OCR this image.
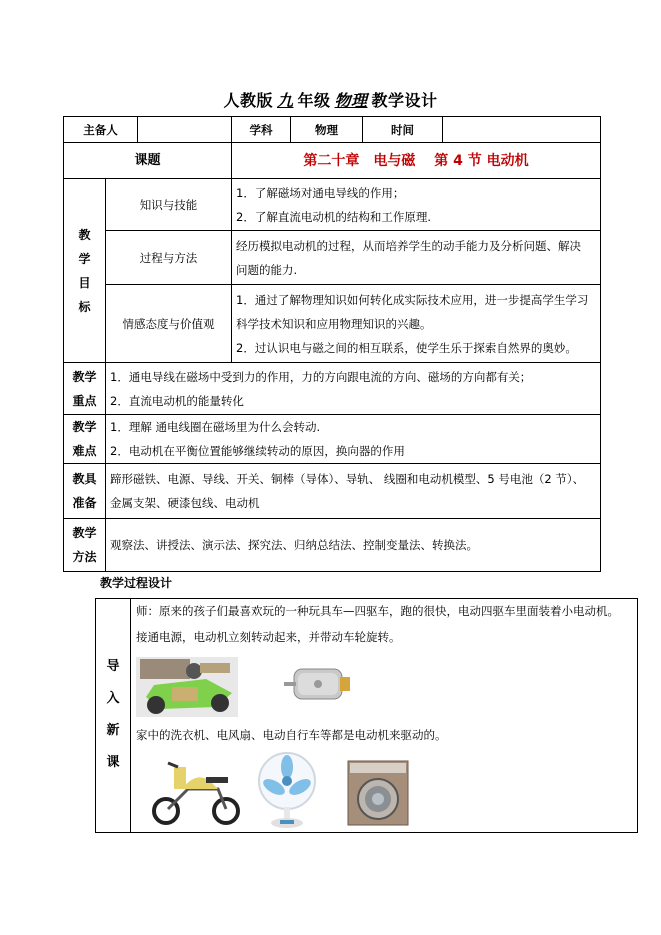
人教版 九 年级 物理 教学设计
主备人			学科	物理	时间	
课题			第二十章　电与磁　 第 4 节 电动机			

教
学
目
标	知识与技能		1．了解磁场对通电导线的作用；
2．了解直流电动机的结构和工作原理.			

	过程与方法		经历模拟电动机的过程，从而培养学生的动手能力及分析问题、解决
问题的能力.			

	情感态度与价值观		1．通过了解物理知识如何转化成实际技术应用，进一步提高学生学习
科学技术知识和应用物理知识的兴趣。
2．过认识电与磁之间的相互联系，使学生乐于探索自然界的奥妙。			

教学
重点	1．通电导线在磁场中受到力的作用，力的方向跟电流的方向、磁场的方向都有关；
2．直流电动机的能量转化					

教学
难点	1．理解 通电线圈在磁场里为什么会转动.
2．电动机在平衡位置能够继续转动的原因，换向器的作用					

教具
准备	蹄形磁铁、电源、导线、开关、铜棒（导体）、导轨、 线圈和电动机模型、5 号电池（2 节）、
金属支架、硬漆包线、电动机					

教学
方法	观察法、讲授法、演示法、探究法、归纳总结法、控制变量法、转换法。					
教学过程设计
导
入
新
课
师：原来的孩子们最喜欢玩的一种玩具车—四驱车，跑的很快，电动四驱车里面装着小电动机。
接通电源，电动机立刻转动起来，并带动车轮旋转。
家中的洗衣机、电风扇、电动自行车等都是电动机来驱动的。
